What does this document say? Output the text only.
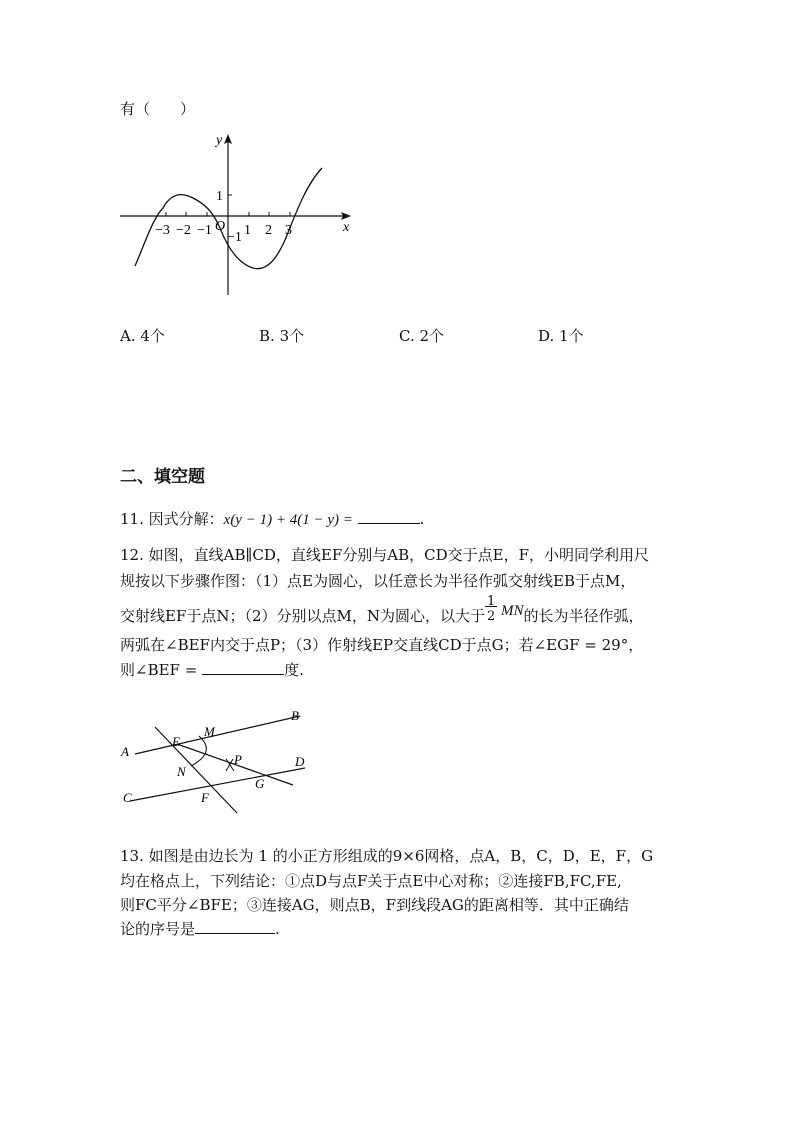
有（　　）
y
x
O
−3 −2 −1 1 2 3
1
−1
A. 4个	B. 3个	C. 2个	D. 1个
二、填空题
11. 因式分解：x(y − 1) + 4(1 − y) =	.
12. 如图，直线AB∥CD，直线EF分别与AB，CD交于点E，F，小明同学利用尺
规按以下步骤作图：（1）点E为圆心，以任意长为半径作弧交射线EB于点M，
交射线EF于点N；（2）分别以点M，N为圆心，以大于 $\frac{1}{2}$ MN的长为半径作弧，
两弧在∠BEF内交于点P；（3）作射线EP交直线CD于点G；若∠EGF = 29°，
则∠BEF =	度.
A
B
C
D
E
F
G
M
N
P
13. 如图是由边长为 1 的小正方形组成的9×6网格，点A，B，C，D，E，F，G
均在格点上，下列结论：①点D与点F关于点E中心对称；②连接FB,FC,FE,
则FC平分∠BFE；③连接AG，则点B，F到线段AG的距离相等．其中正确结
论的序号是	.
